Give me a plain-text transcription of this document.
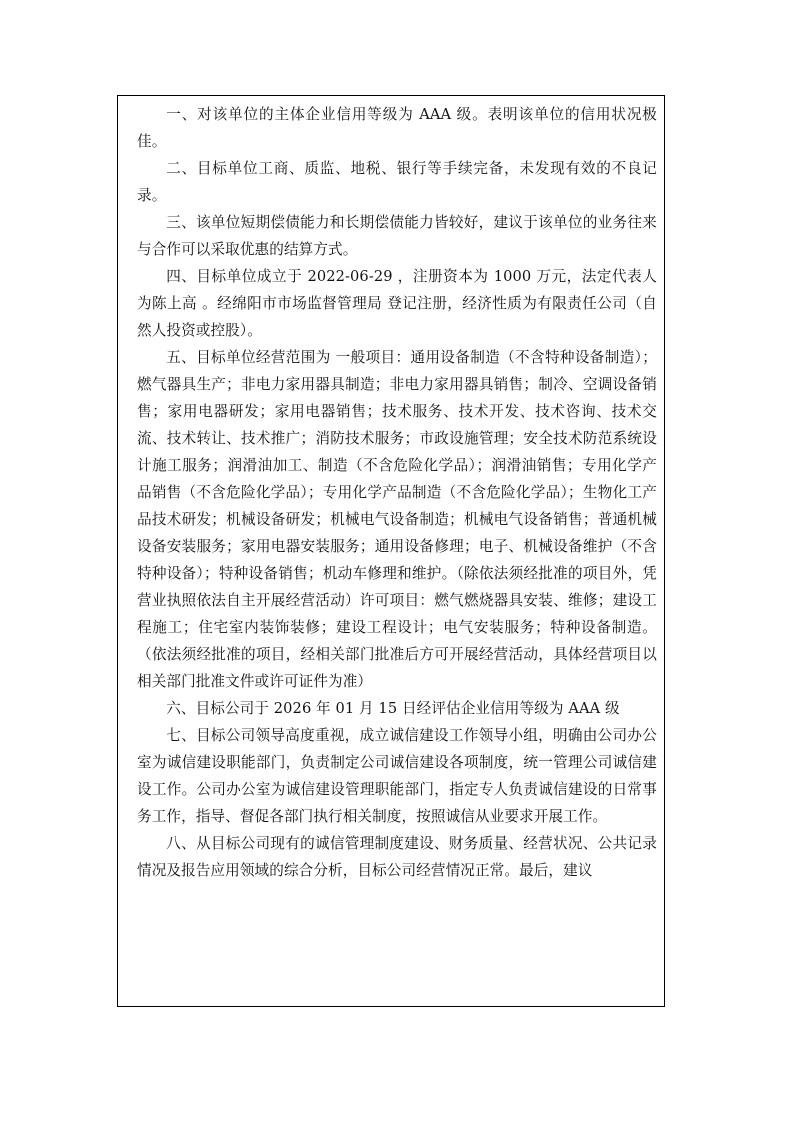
一、对该单位的主体企业信用等级为 AAA 级。表明该单位的信用状况极佳。

二、目标单位工商、质监、地税、银行等手续完备，未发现有效的不良记录。

三、该单位短期偿债能力和长期偿债能力皆较好，建议于该单位的业务往来与合作可以采取优惠的结算方式。

四、目标单位成立于 2022-06-29 ，注册资本为 1000 万元，法定代表人为陈上高 。经绵阳市市场监督管理局 登记注册，经济性质为有限责任公司（自然人投资或控股）。

五、目标单位经营范围为 一般项目：通用设备制造（不含特种设备制造）；燃气器具生产；非电力家用器具制造；非电力家用器具销售；制冷、空调设备销售；家用电器研发；家用电器销售；技术服务、技术开发、技术咨询、技术交流、技术转让、技术推广；消防技术服务；市政设施管理；安全技术防范系统设计施工服务；润滑油加工、制造（不含危险化学品）；润滑油销售；专用化学产品销售（不含危险化学品）；专用化学产品制造（不含危险化学品）；生物化工产品技术研发；机械设备研发；机械电气设备制造；机械电气设备销售；普通机械设备安装服务；家用电器安装服务；通用设备修理；电子、机械设备维护（不含特种设备）；特种设备销售；机动车修理和维护。（除依法须经批准的项目外，凭营业执照依法自主开展经营活动）许可项目：燃气燃烧器具安装、维修；建设工程施工；住宅室内装饰装修；建设工程设计；电气安装服务；特种设备制造。（依法须经批准的项目，经相关部门批准后方可开展经营活动，具体经营项目以相关部门批准文件或许可证件为准）

六、目标公司于 2026 年 01 月 15 日经评估企业信用等级为 AAA 级

七、目标公司领导高度重视，成立诚信建设工作领导小组，明确由公司办公室为诚信建设职能部门，负责制定公司诚信建设各项制度，统一管理公司诚信建设工作。公司办公室为诚信建设管理职能部门，指定专人负责诚信建设的日常事务工作，指导、督促各部门执行相关制度，按照诚信从业要求开展工作。

八、从目标公司现有的诚信管理制度建设、财务质量、经营状况、公共记录情况及报告应用领域的综合分析，目标公司经营情况正常。最后，建议
